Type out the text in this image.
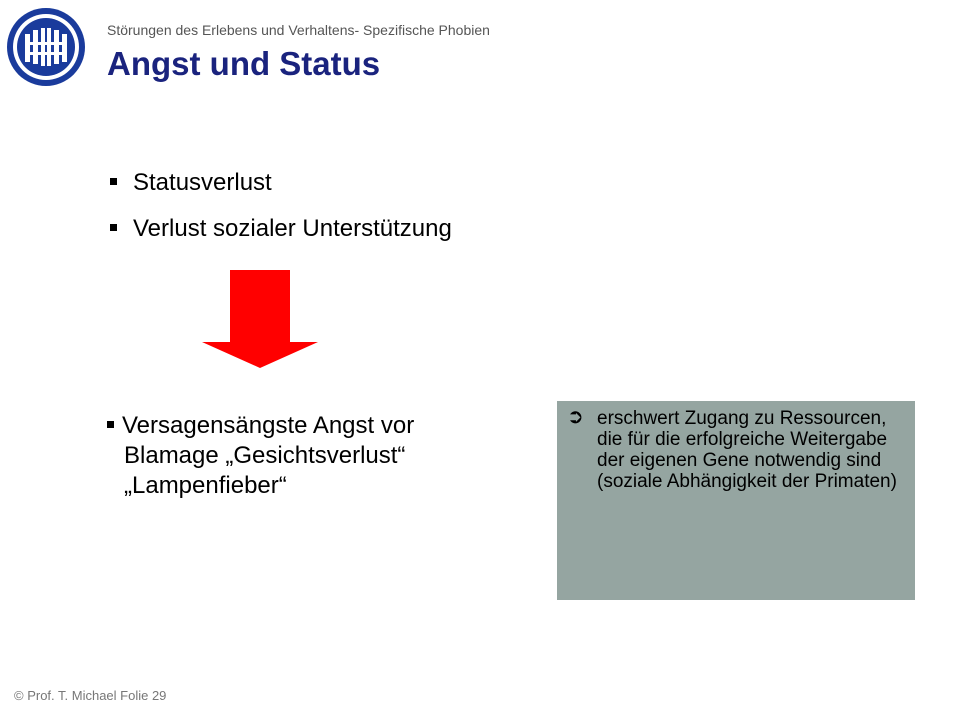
Störungen des Erlebens und Verhaltens- Spezifische Phobien
Angst und Status
Statusverlust
Verlust sozialer Unterstützung
Versagensängste Angst vor
Blamage „Gesichtsverlust“
„Lampenfieber“
➲ erschwert Zugang zu Ressourcen, die für die erfolgreiche Weitergabe der eigenen Gene notwendig sind
(soziale Abhängigkeit der Primaten)
© Prof. T. Michael Folie 29
